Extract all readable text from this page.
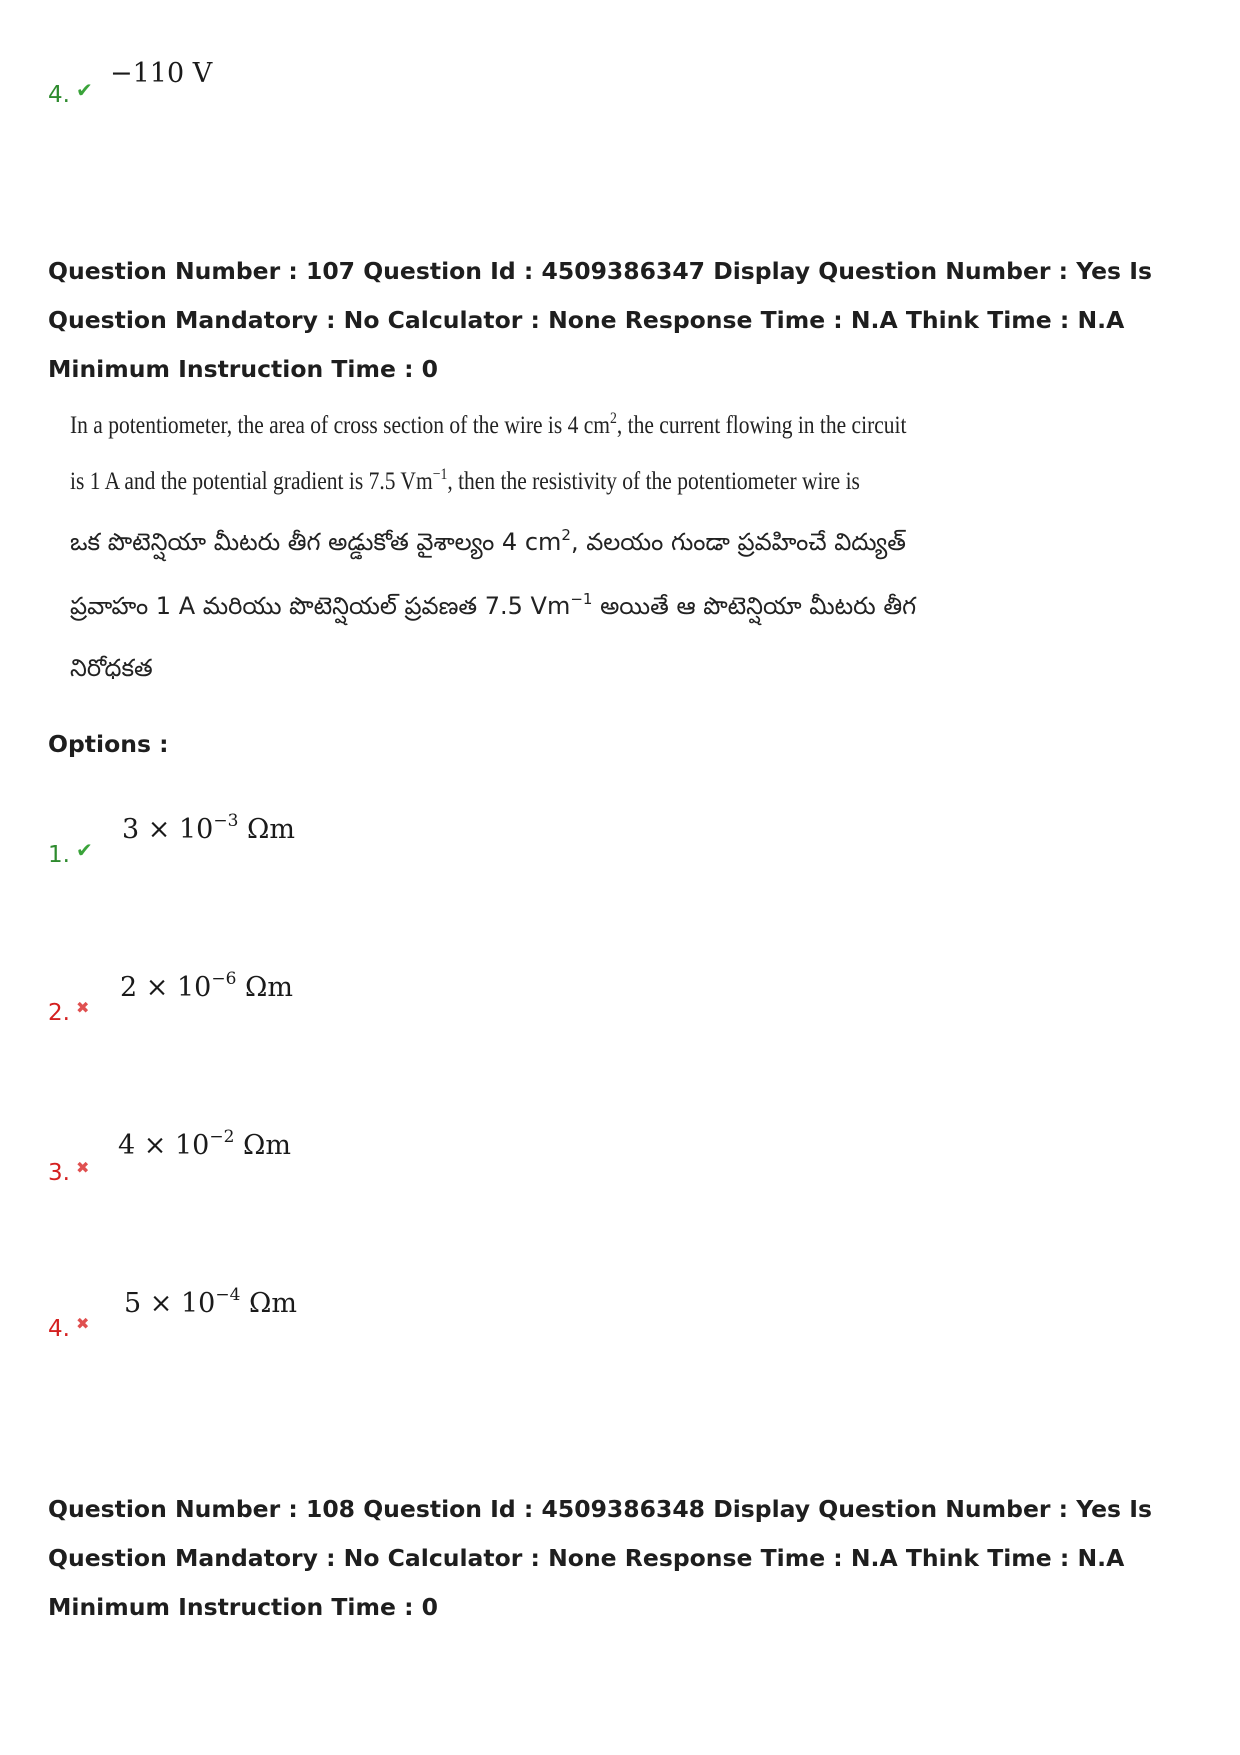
4. ✔
−110 V
Question Number : 107 Question Id : 4509386347 Display Question Number : Yes Is Question Mandatory : No Calculator : None Response Time : N.A Think Time : N.A Minimum Instruction Time : 0
In a potentiometer, the area of cross section of the wire is 4 $cm^2$, the current flowing in the circuit
is 1 A and the potential gradient is 7.5 $Vm^{-1}$, then the resistivity of the potentiometer wire is
ఒక పొటెన్షియా మీటరు తీగ అడ్డుకోత వైశాల్యం 4 $cm^2$, వలయం గుండా ప్రవహించే విద్యుత్
ప్రవాహం 1 A మరియు పొటెన్షియల్ ప్రవణత 7.5 $Vm^{-1}$ అయితే ఆ పొటెన్షియా మీటరు తీగ
నిరోధకత
Options :
1. ✔
$3 \times 10^{-3}$ Ωm
2. ✖
$2 \times 10^{-6}$ Ωm
3. ✖
$4 \times 10^{-2}$ Ωm
4. ✖
$5 \times 10^{-4}$ Ωm
Question Number : 108 Question Id : 4509386348 Display Question Number : Yes Is Question Mandatory : No Calculator : None Response Time : N.A Think Time : N.A Minimum Instruction Time : 0
